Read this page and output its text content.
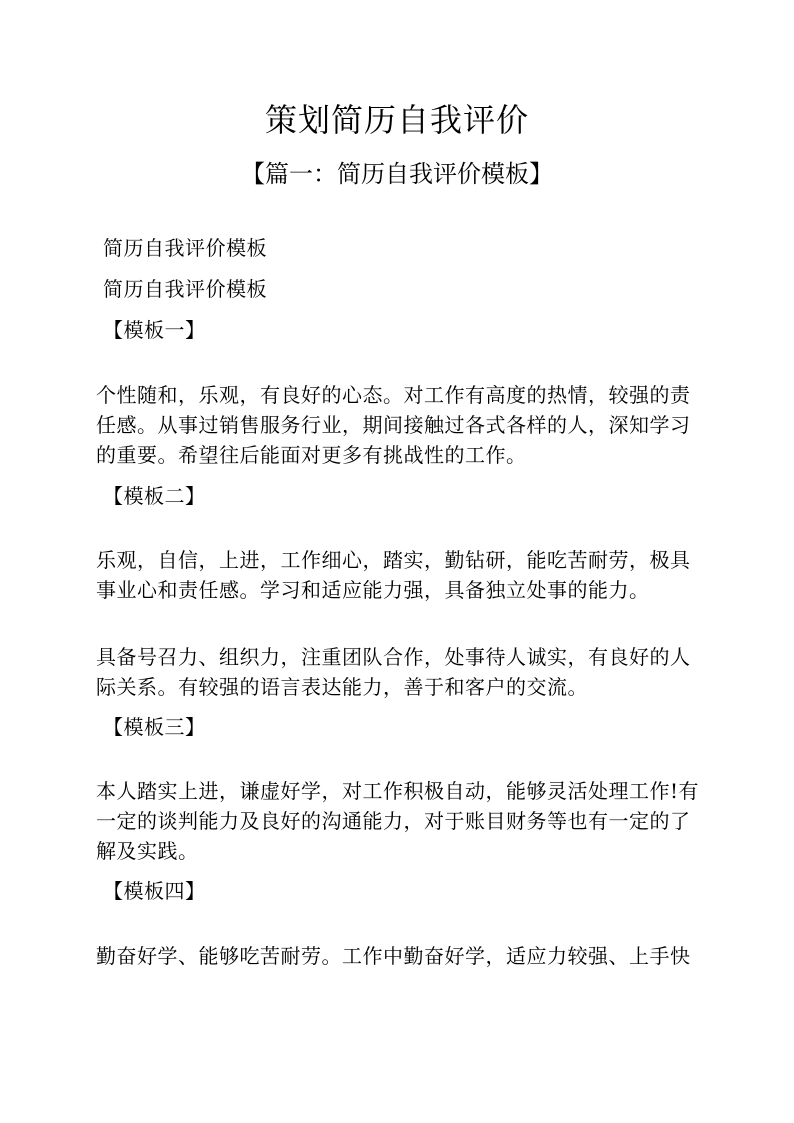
策划简历自我评价
【篇一：简历自我评价模板】
简历自我评价模板
简历自我评价模板
【模板一】
个性随和，乐观，有良好的心态。对工作有高度的热情，较强的责
任感。从事过销售服务行业，期间接触过各式各样的人，深知学习
的重要。希望往后能面对更多有挑战性的工作。
【模板二】
乐观，自信，上进，工作细心，踏实，勤钻研，能吃苦耐劳，极具
事业心和责任感。学习和适应能力强，具备独立处事的能力。
具备号召力、组织力，注重团队合作，处事待人诚实，有良好的人
际关系。有较强的语言表达能力，善于和客户的交流。
【模板三】
本人踏实上进，谦虚好学，对工作积极自动，能够灵活处理工作!有
一定的谈判能力及良好的沟通能力，对于账目财务等也有一定的了
解及实践。
【模板四】
勤奋好学、能够吃苦耐劳。工作中勤奋好学，适应力较强、上手快
